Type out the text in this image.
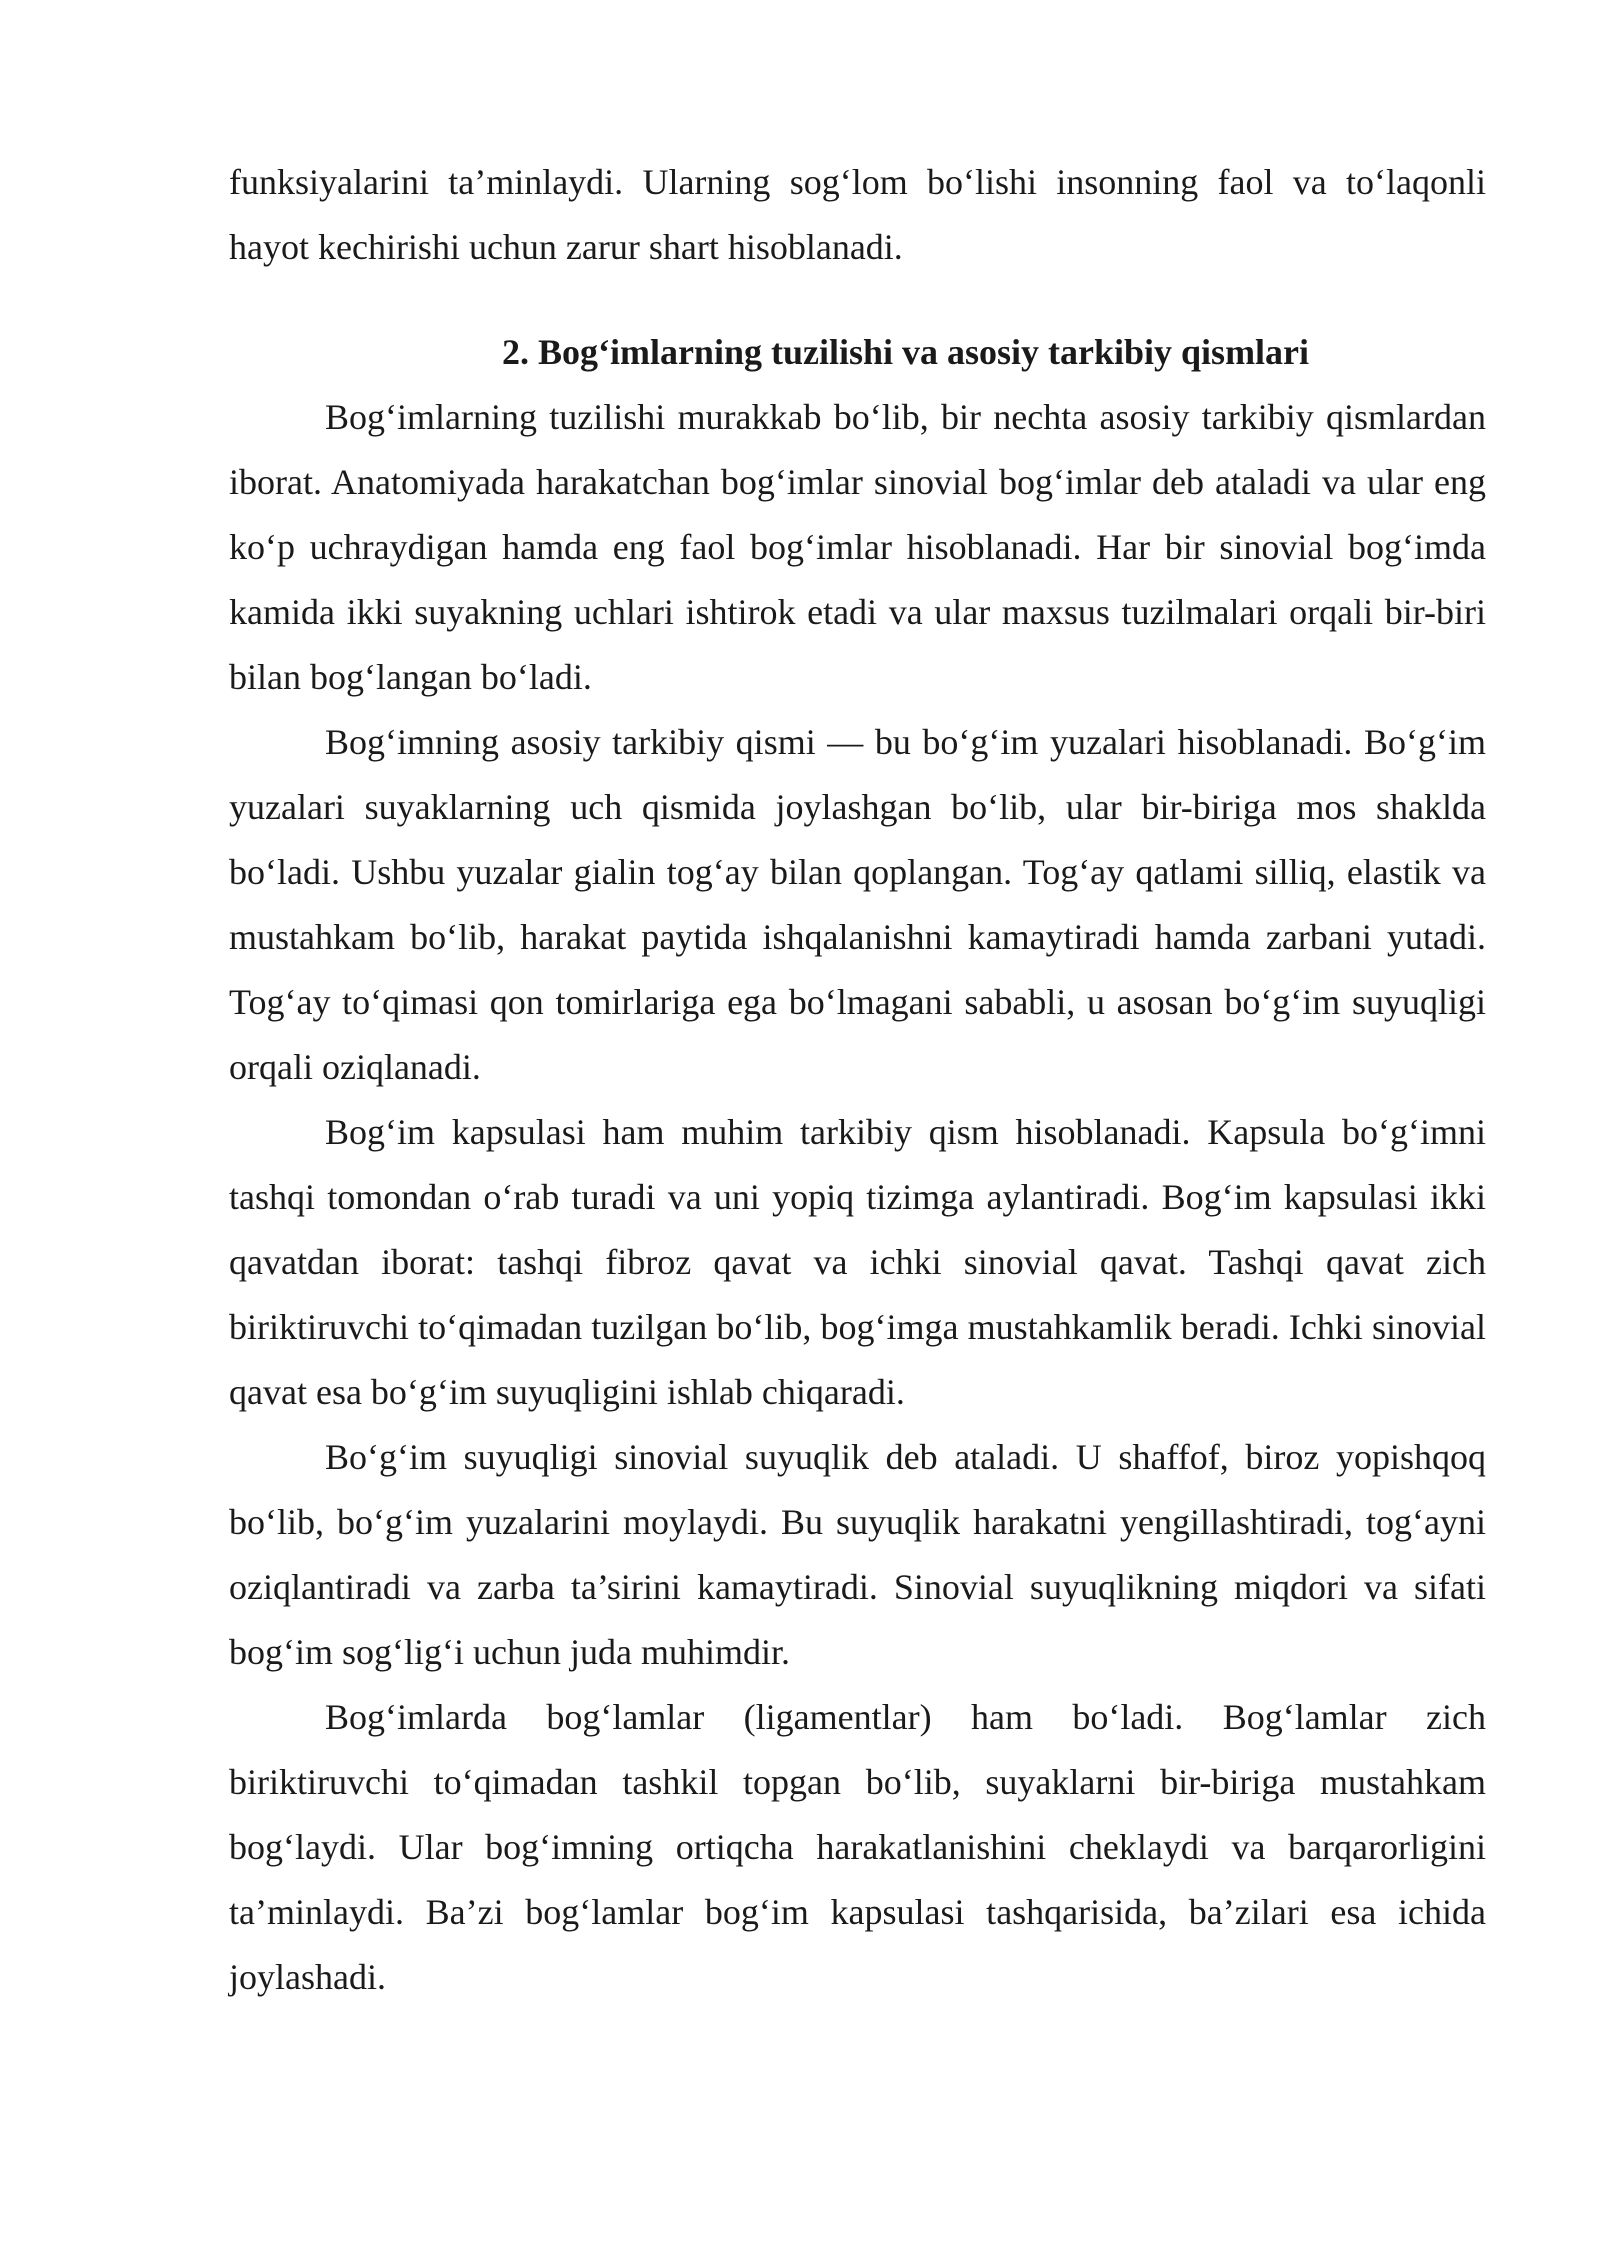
funksiyalarini ta’minlaydi. Ularning sog‘lom bo‘lishi insonning faol va to‘laqonli hayot kechirishi uchun zarur shart hisoblanadi.

2. Bog‘imlarning tuzilishi va asosiy tarkibiy qismlari

Bog‘imlarning tuzilishi murakkab bo‘lib, bir nechta asosiy tarkibiy qismlardan iborat. Anatomiyada harakatchan bog‘imlar sinovial bog‘imlar deb ataladi va ular eng ko‘p uchraydigan hamda eng faol bog‘imlar hisoblanadi. Har bir sinovial bog‘imda kamida ikki suyakning uchlari ishtirok etadi va ular maxsus tuzilmalari orqali bir-biri bilan bog‘langan bo‘ladi.

Bog‘imning asosiy tarkibiy qismi — bu bo‘g‘im yuzalari hisoblanadi. Bo‘g‘im yuzalari suyaklarning uch qismida joylashgan bo‘lib, ular bir-biriga mos shaklda bo‘ladi. Ushbu yuzalar gialin tog‘ay bilan qoplangan. Tog‘ay qatlami silliq, elastik va mustahkam bo‘lib, harakat paytida ishqalanishni kamaytiradi hamda zarbani yutadi. Tog‘ay to‘qimasi qon tomirlariga ega bo‘lmagani sababli, u asosan bo‘g‘im suyuqligi orqali oziqlanadi.

Bog‘im kapsulasi ham muhim tarkibiy qism hisoblanadi. Kapsula bo‘g‘imni tashqi tomondan o‘rab turadi va uni yopiq tizimga aylantiradi. Bog‘im kapsulasi ikki qavatdan iborat: tashqi fibroz qavat va ichki sinovial qavat. Tashqi qavat zich biriktiruvchi to‘qimadan tuzilgan bo‘lib, bog‘imga mustahkamlik beradi. Ichki sinovial qavat esa bo‘g‘im suyuqligini ishlab chiqaradi.

Bo‘g‘im suyuqligi sinovial suyuqlik deb ataladi. U shaffof, biroz yopishqoq bo‘lib, bo‘g‘im yuzalarini moylaydi. Bu suyuqlik harakatni yengillashtiradi, tog‘ayni oziqlantiradi va zarba ta’sirini kamaytiradi. Sinovial suyuqlikning miqdori va sifati bog‘im sog‘lig‘i uchun juda muhimdir.

Bog‘imlarda bog‘lamlar (ligamentlar) ham bo‘ladi. Bog‘lamlar zich biriktiruvchi to‘qimadan tashkil topgan bo‘lib, suyaklarni bir-biriga mustahkam bog‘laydi. Ular bog‘imning ortiqcha harakatlanishini cheklaydi va barqarorligini ta’minlaydi. Ba’zi bog‘lamlar bog‘im kapsulasi tashqarisida, ba’zilari esa ichida joylashadi.
